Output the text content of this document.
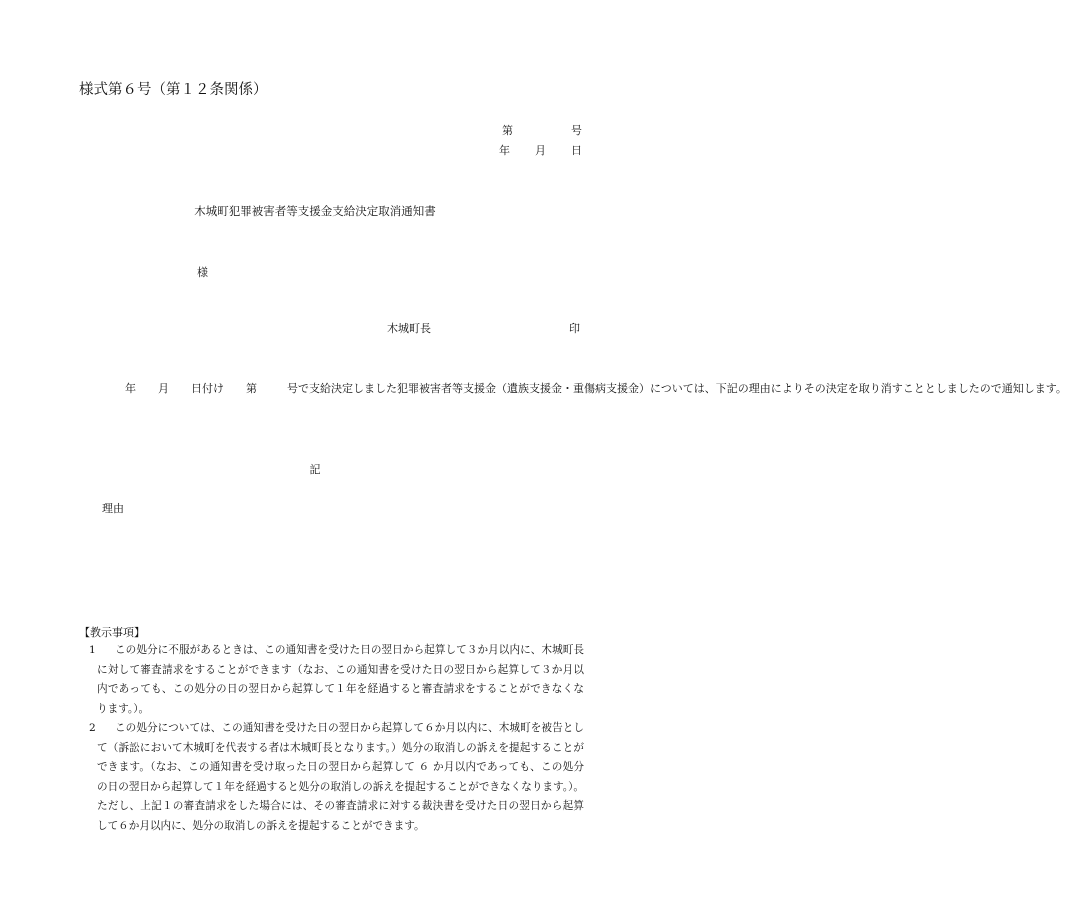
様式第６号（第１２条関係）
第	号
年 月 日
木城町犯罪被害者等支援金支給決定取消通知書
様
木城町長	印
年 月 日付け 第	号で支給決定しました犯罪被害者等支援金（遺族支援金・重傷病支援金）については、下記の理由によりその決定を取り消すこととしましたので通知します。
記
理由
【教示事項】
1	この処分に不服があるときは、この通知書を受けた日の翌日から起算して３か月以内に、木城町長に対して審査請求をすることができます（なお、この通知書を受けた日の翌日から起算して３か月以内であっても、この処分の日の翌日から起算して１年を経過すると審査請求をすることができなくなります。）。
2	この処分については、この通知書を受けた日の翌日から起算して６か月以内に、木城町を被告として（訴訟において木城町を代表する者は木城町長となります。）処分の取消しの訴えを提起することができます。（なお、この通知書を受け取った日の翌日から起算して ６ か月以内であっても、この処分の日の翌日から起算して１年を経過すると処分の取消しの訴えを提起することができなくなります。）。ただし、上記１の審査請求をした場合には、その審査請求に対する裁決書を受けた日の翌日から起算して６か月以内に、処分の取消しの訴えを提起することができます。
